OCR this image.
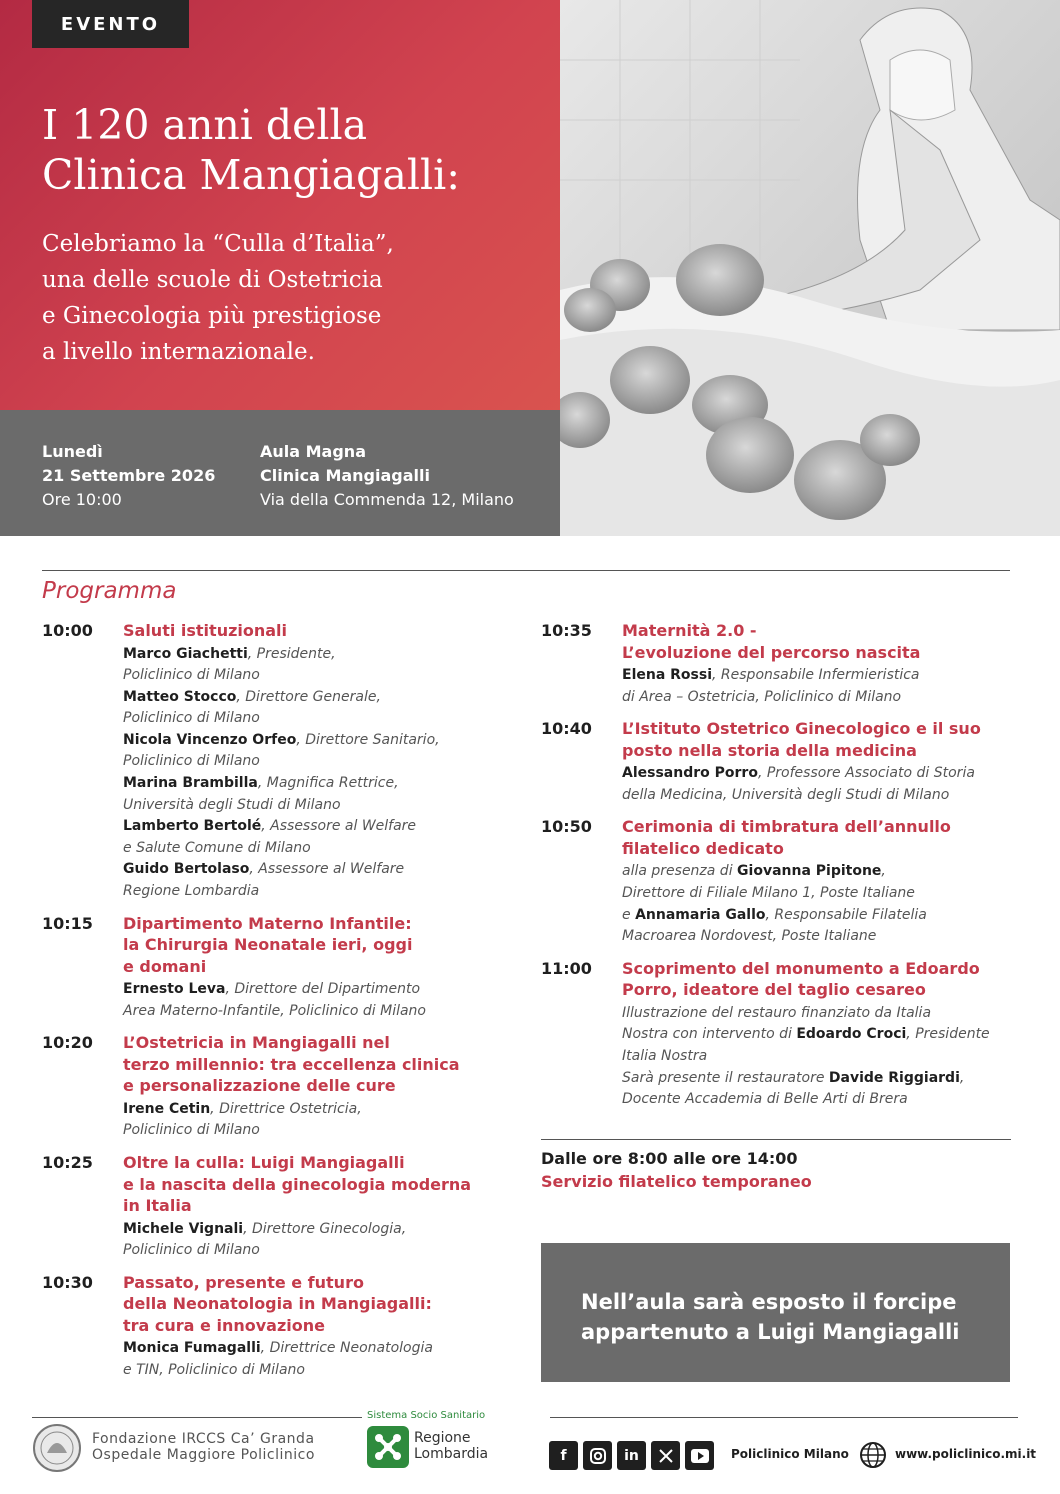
EVENTO
I 120 anni della
Clinica Mangiagalli:

Celebriamo la “Culla d’Italia”,
una delle scuole di Ostetricia
e Ginecologia più prestigiose
a livello internazionale.

Lunedì
21 Settembre 2026
Ore 10:00
Aula Magna
Clinica Mangiagalli
Via della Commenda 12, Milano
Programma
10:00 Saluti istituzionali
Marco Giachetti, Presidente,
Policlinico di Milano
Matteo Stocco, Direttore Generale,
Policlinico di Milano
Nicola Vincenzo Orfeo, Direttore Sanitario,
Policlinico di Milano
Marina Brambilla, Magnifica Rettrice,
Università degli Studi di Milano
Lamberto Bertolé, Assessore al Welfare
e Salute Comune di Milano
Guido Bertolaso, Assessore al Welfare
Regione Lombardia
10:15 Dipartimento Materno Infantile:
la Chirurgia Neonatale ieri, oggi
e domani
Ernesto Leva, Direttore del Dipartimento
Area Materno-Infantile, Policlinico di Milano
10:20 L’Ostetricia in Mangiagalli nel
terzo millennio: tra eccellenza clinica
e personalizzazione delle cure
Irene Cetin, Direttrice Ostetricia,
Policlinico di Milano
10:25 Oltre la culla: Luigi Mangiagalli
e la nascita della ginecologia moderna
in Italia
Michele Vignali, Direttore Ginecologia,
Policlinico di Milano
10:30 Passato, presente e futuro
della Neonatologia in Mangiagalli:
tra cura e innovazione
Monica Fumagalli, Direttrice Neonatologia
e TIN, Policlinico di Milano
10:35 Maternità 2.0 -
L’evoluzione del percorso nascita
Elena Rossi, Responsabile Infermieristica
di Area – Ostetricia, Policlinico di Milano
10:40 L’Istituto Ostetrico Ginecologico e il suo
posto nella storia della medicina
Alessandro Porro, Professore Associato di Storia
della Medicina, Università degli Studi di Milano
10:50 Cerimonia di timbratura dell’annullo
filatelico dedicato
alla presenza di Giovanna Pipitone,
Direttore di Filiale Milano 1, Poste Italiane
e Annamaria Gallo, Responsabile Filatelia
Macroarea Nordovest, Poste Italiane
11:00 Scoprimento del monumento a Edoardo
Porro, ideatore del taglio cesareo
Illustrazione del restauro finanziato da Italia
Nostra con intervento di Edoardo Croci, Presidente
Italia Nostra
Sarà presente il restauratore Davide Riggiardi,
Docente Accademia di Belle Arti di Brera
Dalle ore 8:00 alle ore 14:00
Servizio filatelico temporaneo
Nell’aula sarà esposto il forcipe
appartenuto a Luigi Mangiagalli
Fondazione IRCCS Ca’ Granda
Ospedale Maggiore Policlinico
Sistema Socio Sanitario
Regione
Lombardia	f	in	Policlinico Milano	www.policlinico.mi.it
